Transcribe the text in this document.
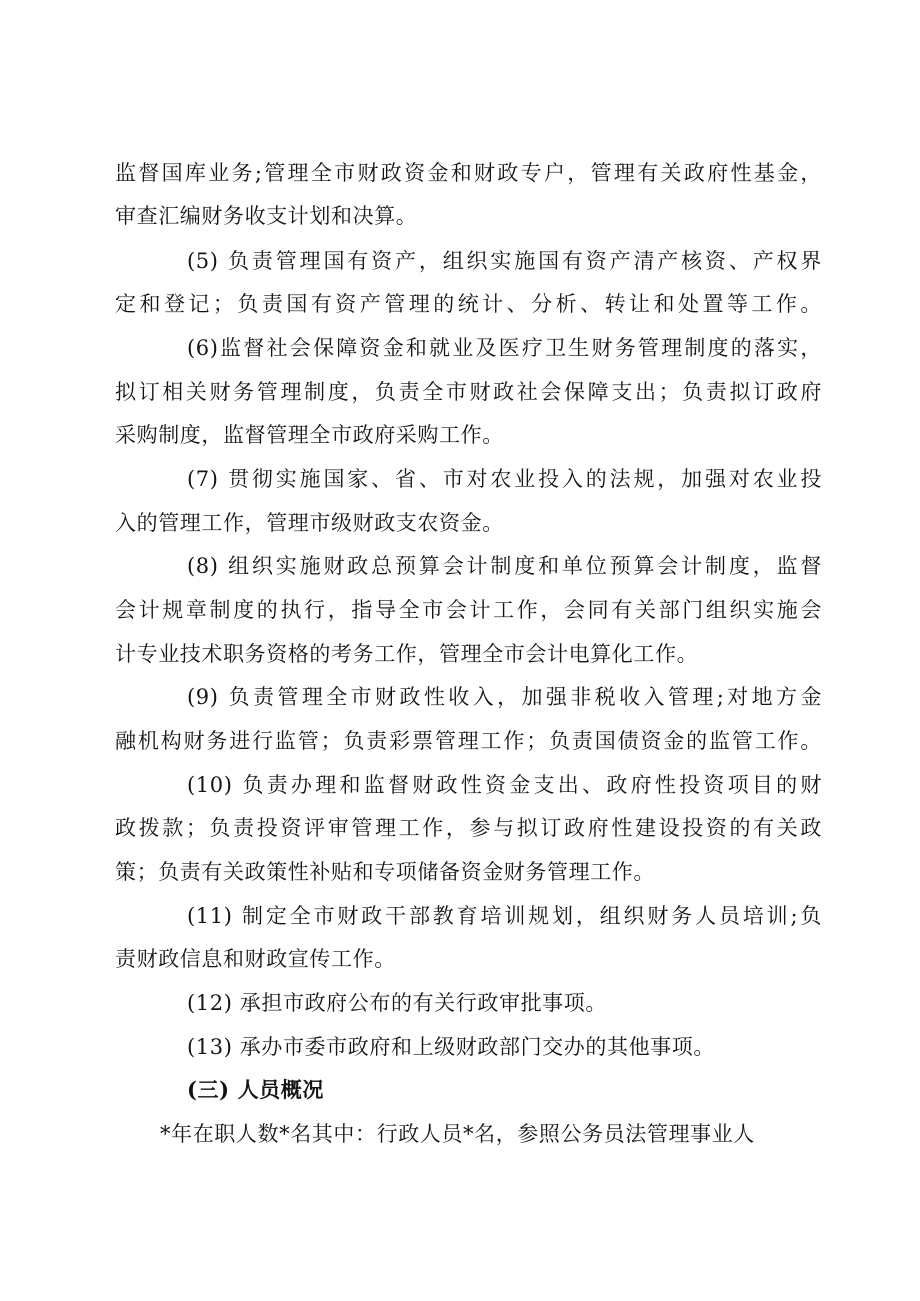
监督国库业务;管理全市财政资金和财政专户，管理有关政府性基金，
审查汇编财务收支计划和决算。
(5) 负责管理国有资产，组织实施国有资产清产核资、产权界
定和登记；负责国有资产管理的统计、分析、转让和处置等工作。
(6)监督社会保障资金和就业及医疗卫生财务管理制度的落实，
拟订相关财务管理制度，负责全市财政社会保障支出；负责拟订政府
采购制度，监督管理全市政府采购工作。
(7) 贯彻实施国家、省、市对农业投入的法规，加强对农业投
入的管理工作，管理市级财政支农资金。
(8) 组织实施财政总预算会计制度和单位预算会计制度，监督
会计规章制度的执行，指导全市会计工作，会同有关部门组织实施会
计专业技术职务资格的考务工作，管理全市会计电算化工作。
(9) 负责管理全市财政性收入，加强非税收入管理;对地方金
融机构财务进行监管；负责彩票管理工作；负责国债资金的监管工作。
(10) 负责办理和监督财政性资金支出、政府性投资项目的财
政拨款；负责投资评审管理工作，参与拟订政府性建设投资的有关政
策；负责有关政策性补贴和专项储备资金财务管理工作。
(11) 制定全市财政干部教育培训规划，组织财务人员培训;负
责财政信息和财政宣传工作。
(12) 承担市政府公布的有关行政审批事项。
(13) 承办市委市政府和上级财政部门交办的其他事项。
(三) 人员概况
*年在职人数*名其中：行政人员*名，参照公务员法管理事业人
